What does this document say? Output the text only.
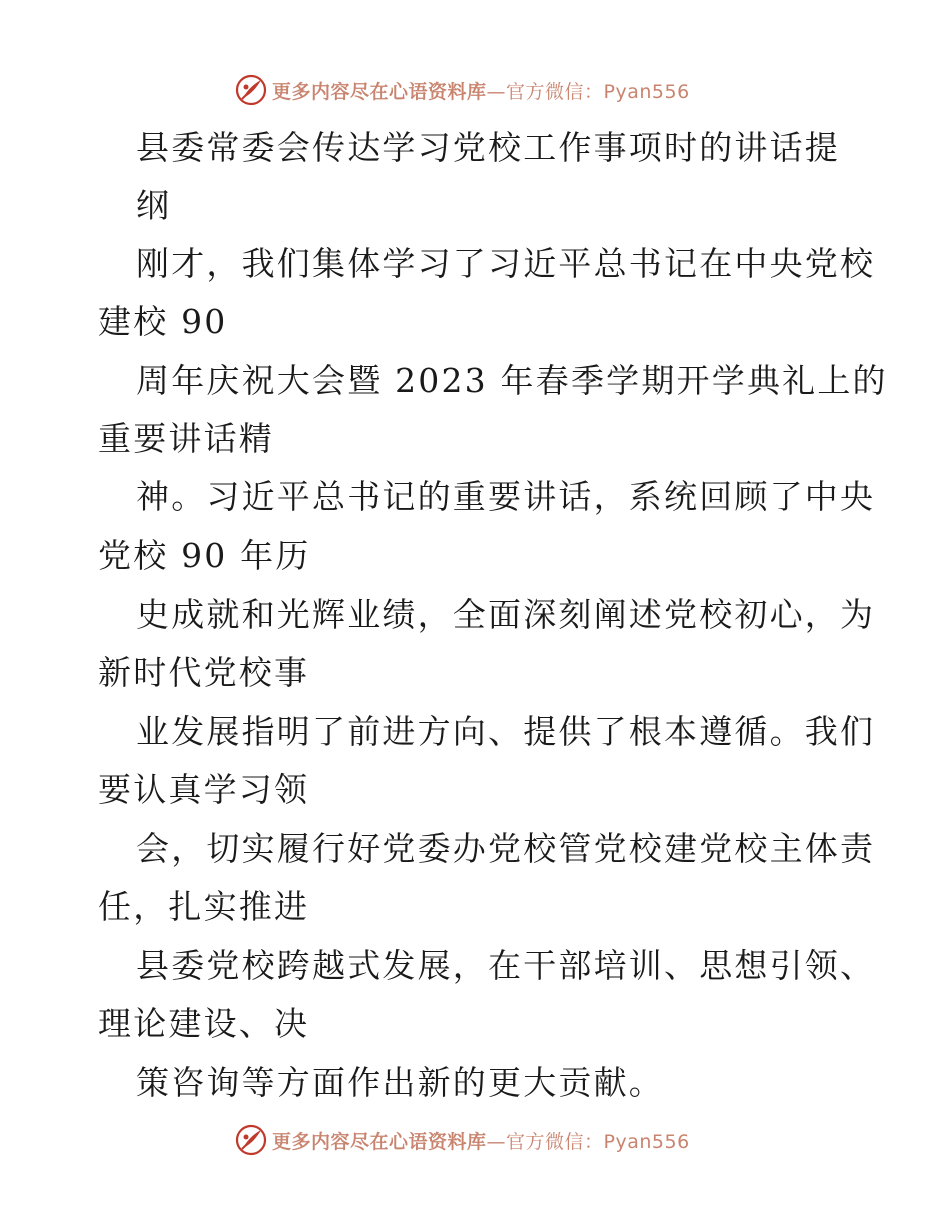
更多内容尽在心语资料库—官方微信：Pyan556

县委常委会传达学习党校工作事项时的讲话提

纲

刚才，我们集体学习了习近平总书记在中央党校

建校 90

周年庆祝大会暨 2023 年春季学期开学典礼上的

重要讲话精

神。习近平总书记的重要讲话，系统回顾了中央

党校 90 年历

史成就和光辉业绩，全面深刻阐述党校初心，为

新时代党校事

业发展指明了前进方向、提供了根本遵循。我们

要认真学习领

会，切实履行好党委办党校管党校建党校主体责

任，扎实推进

县委党校跨越式发展，在干部培训、思想引领、

理论建设、决

策咨询等方面作出新的更大贡献。

更多内容尽在心语资料库—官方微信：Pyan556
